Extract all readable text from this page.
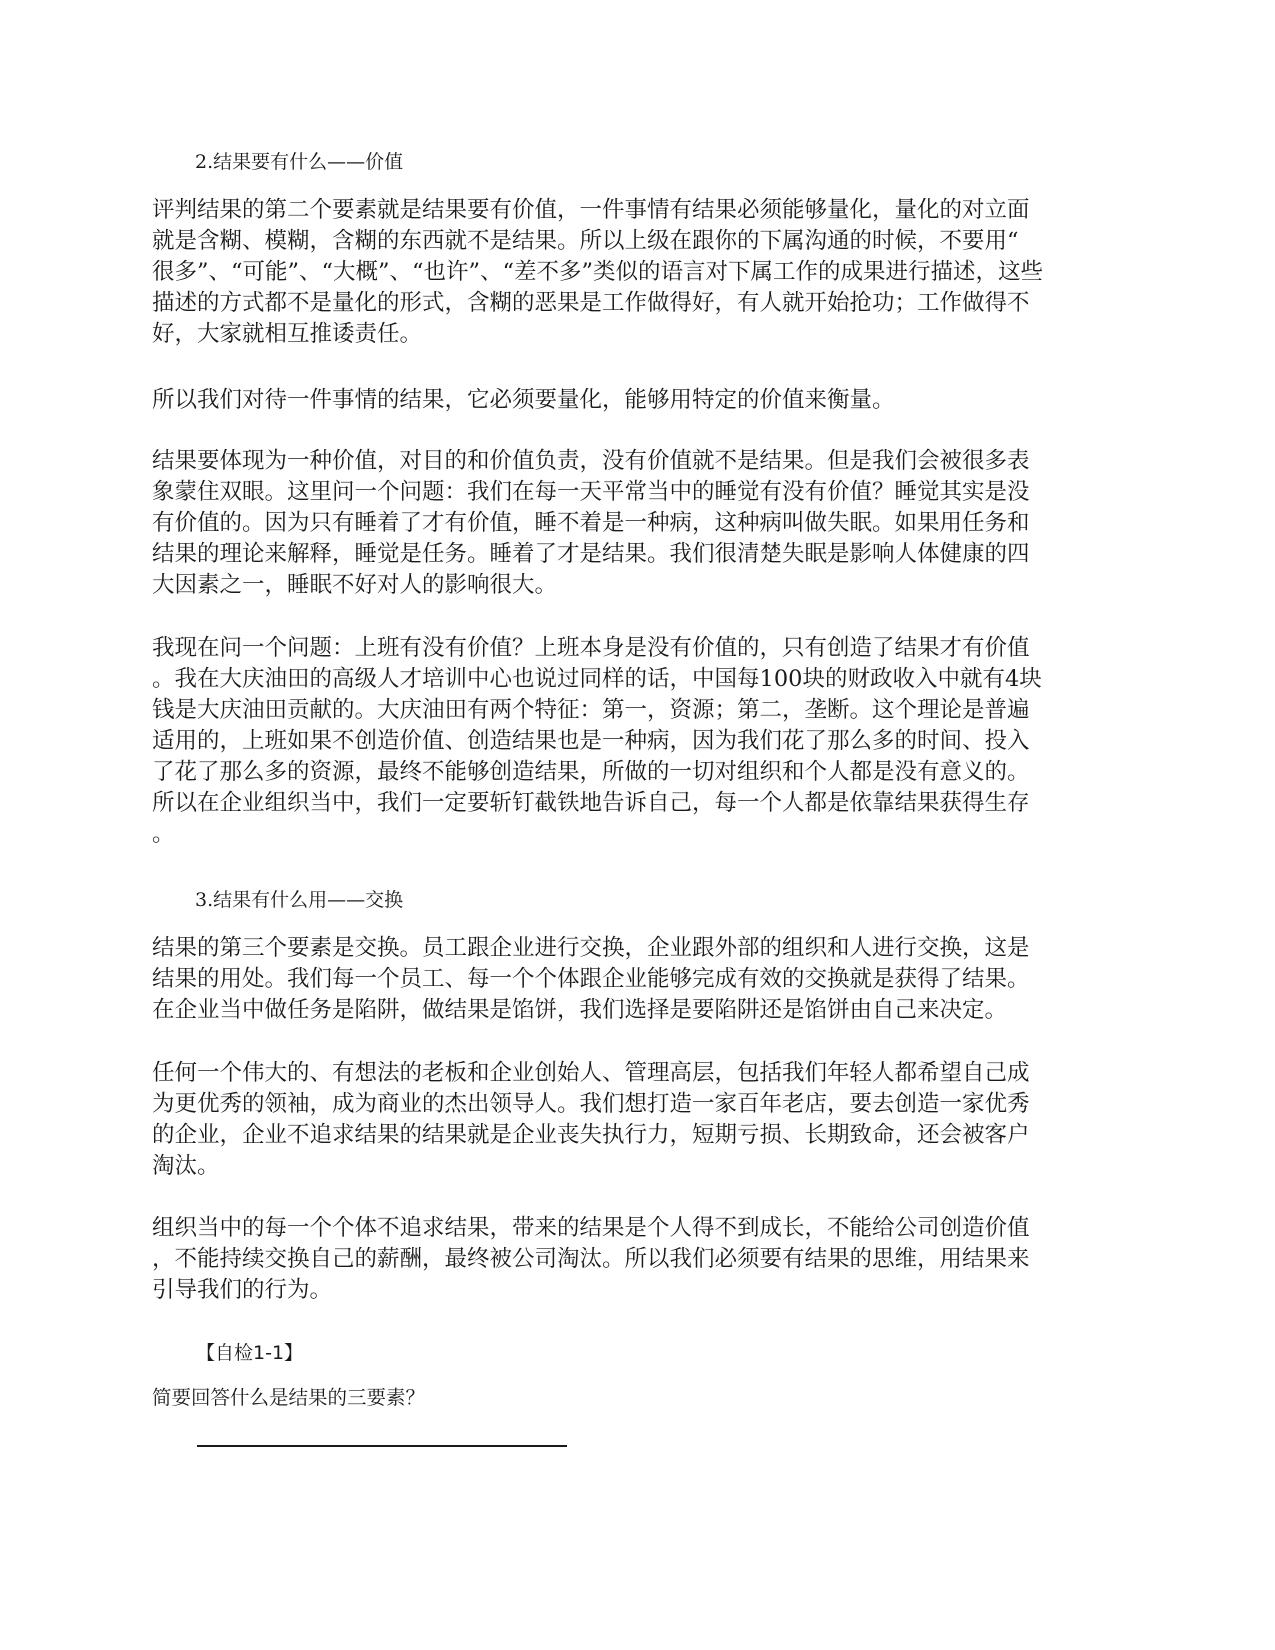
2.结果要有什么——价值

评判结果的第二个要素就是结果要有价值，一件事情有结果必须能够量化，量化的对立面
就是含糊、模糊，含糊的东西就不是结果。所以上级在跟你的下属沟通的时候，不要用“
很多”、“可能”、“大概”、“也许”、“差不多”类似的语言对下属工作的成果进行描述，这些
描述的方式都不是量化的形式，含糊的恶果是工作做得好，有人就开始抢功；工作做得不
好，大家就相互推诿责任。

所以我们对待一件事情的结果，它必须要量化，能够用特定的价值来衡量。

结果要体现为一种价值，对目的和价值负责，没有价值就不是结果。但是我们会被很多表
象蒙住双眼。这里问一个问题：我们在每一天平常当中的睡觉有没有价值？睡觉其实是没
有价值的。因为只有睡着了才有价值，睡不着是一种病，这种病叫做失眠。如果用任务和
结果的理论来解释，睡觉是任务。睡着了才是结果。我们很清楚失眠是影响人体健康的四
大因素之一，睡眠不好对人的影响很大。

我现在问一个问题：上班有没有价值？上班本身是没有价值的，只有创造了结果才有价值
。我在大庆油田的高级人才培训中心也说过同样的话，中国每100块的财政收入中就有4块
钱是大庆油田贡献的。大庆油田有两个特征：第一，资源；第二，垄断。这个理论是普遍
适用的，上班如果不创造价值、创造结果也是一种病，因为我们花了那么多的时间、投入
了花了那么多的资源，最终不能够创造结果，所做的一切对组织和个人都是没有意义的。
所以在企业组织当中，我们一定要斩钉截铁地告诉自己，每一个人都是依靠结果获得生存
。

3.结果有什么用——交换

结果的第三个要素是交换。员工跟企业进行交换，企业跟外部的组织和人进行交换，这是
结果的用处。我们每一个员工、每一个个体跟企业能够完成有效的交换就是获得了结果。
在企业当中做任务是陷阱，做结果是馅饼，我们选择是要陷阱还是馅饼由自己来决定。

任何一个伟大的、有想法的老板和企业创始人、管理高层，包括我们年轻人都希望自己成
为更优秀的领袖，成为商业的杰出领导人。我们想打造一家百年老店，要去创造一家优秀
的企业，企业不追求结果的结果就是企业丧失执行力，短期亏损、长期致命，还会被客户
淘汰。

组织当中的每一个个体不追求结果，带来的结果是个人得不到成长，不能给公司创造价值
，不能持续交换自己的薪酬，最终被公司淘汰。所以我们必须要有结果的思维，用结果来
引导我们的行为。

【自检1-1】
简要回答什么是结果的三要素？
